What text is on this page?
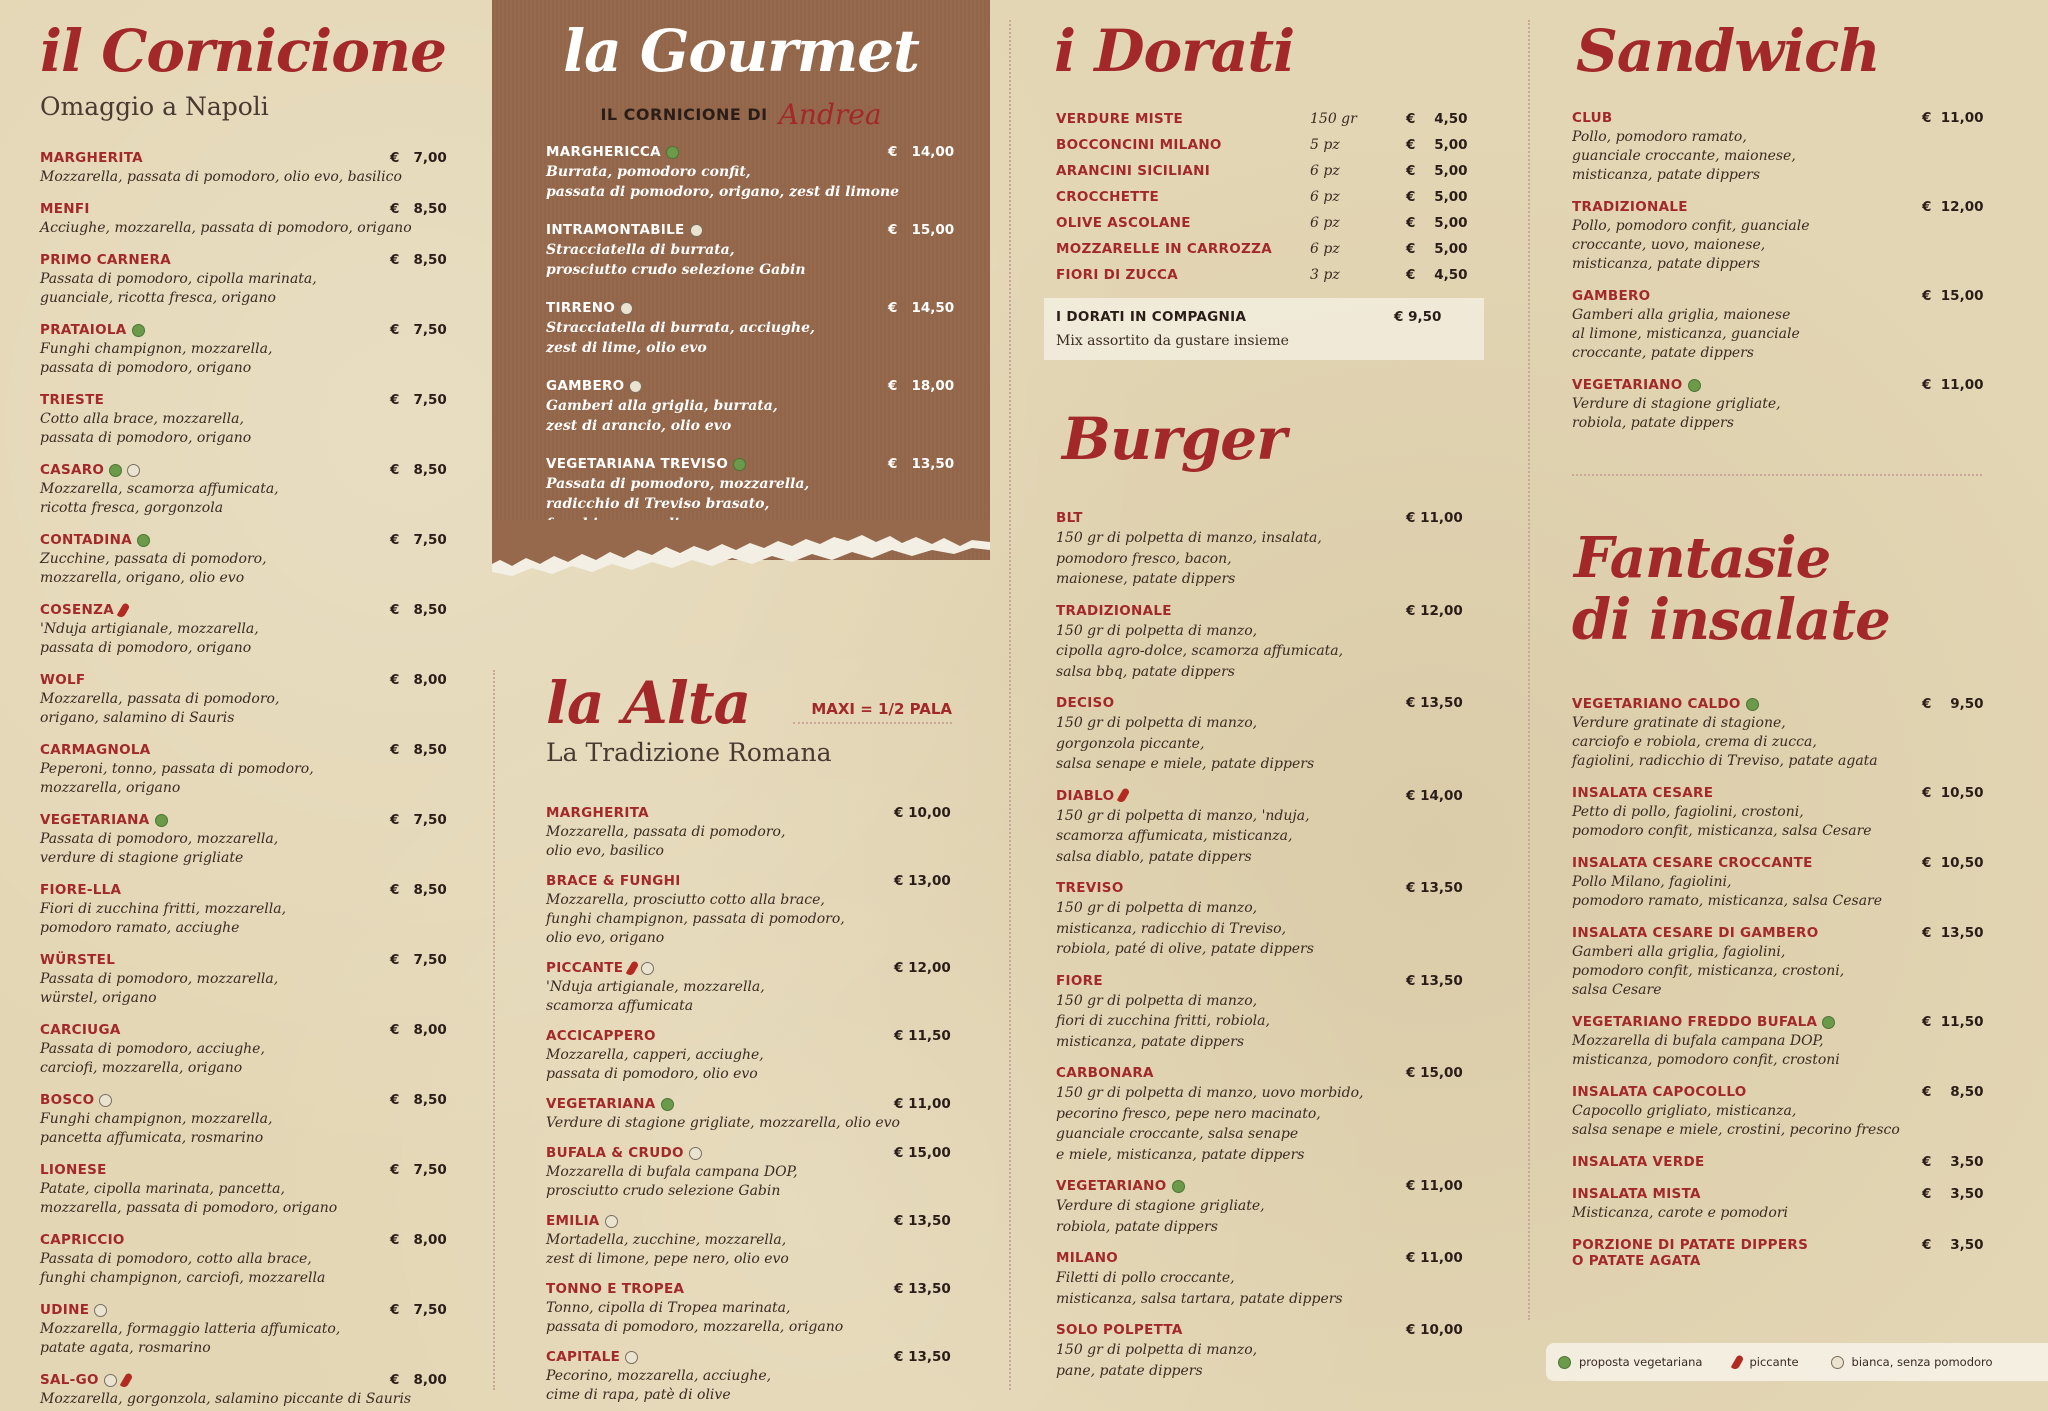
il Cornicione
Omaggio a Napoli
MARGHERITA	€   7,00
Mozzarella, passata di pomodoro, olio evo, basilico
MENFI	€   8,50
Acciughe, mozzarella, passata di pomodoro, origano
PRIMO CARNERA	€   8,50
Passata di pomodoro, cipolla marinata,
guanciale, ricotta fresca, origano
PRATAIOLA	€   7,50
Funghi champignon, mozzarella,
passata di pomodoro, origano
TRIESTE	€   7,50
Cotto alla brace, mozzarella,
passata di pomodoro, origano
CASARO	€   8,50
Mozzarella, scamorza affumicata,
ricotta fresca, gorgonzola
CONTADINA	€   7,50
Zucchine, passata di pomodoro,
mozzarella, origano, olio evo
COSENZA	€   8,50
'Nduja artigianale, mozzarella,
passata di pomodoro, origano
WOLF	€   8,00
Mozzarella, passata di pomodoro,
origano, salamino di Sauris
CARMAGNOLA	€   8,50
Peperoni, tonno, passata di pomodoro,
mozzarella, origano
VEGETARIANA	€   7,50
Passata di pomodoro, mozzarella,
verdure di stagione grigliate
FIORE-LLA	€   8,50
Fiori di zucchina fritti, mozzarella,
pomodoro ramato, acciughe
WÜRSTEL	€   7,50
Passata di pomodoro, mozzarella,
würstel, origano
CARCIUGA	€   8,00
Passata di pomodoro, acciughe,
carciofi, mozzarella, origano
BOSCO	€   8,50
Funghi champignon, mozzarella,
pancetta affumicata, rosmarino
LIONESE	€   7,50
Patate, cipolla marinata, pancetta,
mozzarella, passata di pomodoro, origano
CAPRICCIO	€   8,00
Passata di pomodoro, cotto alla brace,
funghi champignon, carciofi, mozzarella
UDINE	€   7,50
Mozzarella, formaggio latteria affumicato,
patate agata, rosmarino
SAL-GO	€   8,00
Mozzarella, gorgonzola, salamino piccante di Sauris
la Gourmet
IL CORNICIONE DI Andrea
MARGHERICCA	€   14,00
Burrata, pomodoro confit,
passata di pomodoro, origano, zest di limone
INTRAMONTABILE	€   15,00
Stracciatella di burrata,
prosciutto crudo selezione Gabin
TIRRENO	€   14,50
Stracciatella di burrata, acciughe,
zest di lime, olio evo
GAMBERO	€   18,00
Gamberi alla griglia, burrata,
zest di arancio, olio evo
VEGETARIANA TREVISO	€   13,50
Passata di pomodoro, mozzarella,
radicchio di Treviso brasato,

la Alta	MAXI = 1/2 PALA
La Tradizione Romana
MARGHERITA	€ 10,00
Mozzarella, passata di pomodoro,
olio evo, basilico
BRACE & FUNGHI	€ 13,00
Mozzarella, prosciutto cotto alla brace,
funghi champignon, passata di pomodoro,
olio evo, origano
PICCANTE	€ 12,00
'Nduja artigianale, mozzarella,
scamorza affumicata
ACCICAPPERO	€ 11,50
Mozzarella, capperi, acciughe,
passata di pomodoro, olio evo
VEGETARIANA	€ 11,00
Verdure di stagione grigliate, mozzarella, olio evo
BUFALA & CRUDO	€ 15,00
Mozzarella di bufala campana DOP,
prosciutto crudo selezione Gabin
EMILIA	€ 13,50
Mortadella, zucchine, mozzarella,
zest di limone, pepe nero, olio evo
TONNO E TROPEA	€ 13,50
Tonno, cipolla di Tropea marinata,
passata di pomodoro, mozzarella, origano
CAPITALE	€ 13,50
Pecorino, mozzarella, acciughe,
cime di rapa, patè di olive
i Dorati
VERDURE MISTE	150 gr	€    4,50
BOCCONCINI MILANO	5 pz	€    5,00
ARANCINI SICILIANI	6 pz	€    5,00
CROCCHETTE	6 pz	€    5,00
OLIVE ASCOLANE	6 pz	€    5,00
MOZZARELLE IN CARROZZA	6 pz	€    5,00
FIORI DI ZUCCA	3 pz	€    4,50
I DORATI IN COMPAGNIA	€ 9,50
Mix assortito da gustare insieme
Burger
BLT	€ 11,00
150 gr di polpetta di manzo, insalata,
pomodoro fresco, bacon,
maionese, patate dippers
TRADIZIONALE	€ 12,00
150 gr di polpetta di manzo,
cipolla agro-dolce, scamorza affumicata,
salsa bbq, patate dippers
DECISO	€ 13,50
150 gr di polpetta di manzo,
gorgonzola piccante,
salsa senape e miele, patate dippers
DIABLO	€ 14,00
150 gr di polpetta di manzo, 'nduja,
scamorza affumicata, misticanza,
salsa diablo, patate dippers
TREVISO	€ 13,50
150 gr di polpetta di manzo,
misticanza, radicchio di Treviso,
robiola, paté di olive, patate dippers
FIORE	€ 13,50
150 gr di polpetta di manzo,
fiori di zucchina fritti, robiola,
misticanza, patate dippers
CARBONARA	€ 15,00
150 gr di polpetta di manzo, uovo morbido,
pecorino fresco, pepe nero macinato,
guanciale croccante, salsa senape
e miele, misticanza, patate dippers
VEGETARIANO	€ 11,00
Verdure di stagione grigliate,
robiola, patate dippers
MILANO	€ 11,00
Filetti di pollo croccante,
misticanza, salsa tartara, patate dippers
SOLO POLPETTA	€ 10,00
150 gr di polpetta di manzo,
pane, patate dippers
Sandwich
CLUB	€  11,00
Pollo, pomodoro ramato,
guanciale croccante, maionese,
misticanza, patate dippers
TRADIZIONALE	€  12,00
Pollo, pomodoro confit, guanciale
croccante, uovo, maionese,
misticanza, patate dippers
GAMBERO	€  15,00
Gamberi alla griglia, maionese
al limone, misticanza, guanciale
croccante, patate dippers
VEGETARIANO	€  11,00
Verdure di stagione grigliate,
robiola, patate dippers
Fantasie
di insalate
VEGETARIANO CALDO	€    9,50
Verdure gratinate di stagione,
carciofo e robiola, crema di zucca,
fagiolini, radicchio di Treviso, patate agata
INSALATA CESARE	€  10,50
Petto di pollo, fagiolini, crostoni,
pomodoro confit, misticanza, salsa Cesare
INSALATA CESARE CROCCANTE	€  10,50
Pollo Milano, fagiolini,
pomodoro ramato, misticanza, salsa Cesare
INSALATA CESARE DI GAMBERO	€  13,50
Gamberi alla griglia, fagiolini,
pomodoro confit, misticanza, crostoni,
salsa Cesare
VEGETARIANO FREDDO BUFALA	€  11,50
Mozzarella di bufala campana DOP,
misticanza, pomodoro confit, crostoni
INSALATA CAPOCOLLO	€    8,50
Capocollo grigliato, misticanza,
salsa senape e miele, crostini, pecorino fresco
INSALATA VERDE	€    3,50
INSALATA MISTA	€    3,50
Misticanza, carote e pomodori
PORZIONE DI PATATE DIPPERS
O PATATE AGATA
€    3,50
proposta vegetariana	piccante	bianca, senza pomodoro
